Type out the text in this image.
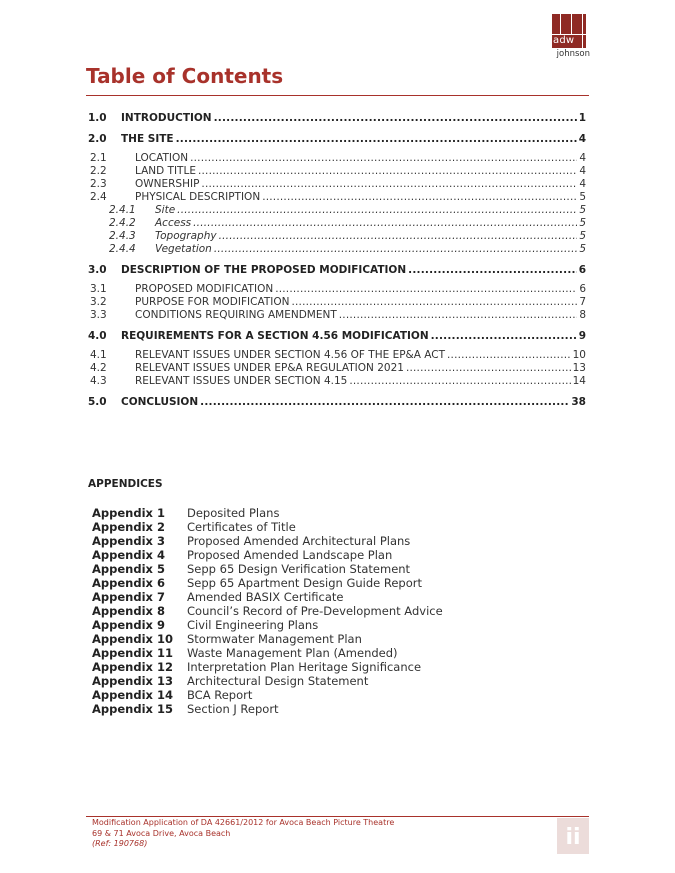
adw
johnson
Table of Contents
1.0	INTRODUCTION .....	1
2.0	THE SITE .....	4
2.1	LOCATION .....	4
2.2	LAND TITLE .....	4
2.3	OWNERSHIP .....	4
2.4	PHYSICAL DESCRIPTION .....	5
2.4.1	Site .....	5
2.4.2	Access .....	5
2.4.3	Topography .....	5
2.4.4	Vegetation .....	5
3.0	DESCRIPTION OF THE PROPOSED MODIFICATION .....	6
3.1	PROPOSED MODIFICATION .....	6
3.2	PURPOSE FOR MODIFICATION .....	7
3.3	CONDITIONS REQUIRING AMENDMENT .....	8
4.0	REQUIREMENTS FOR A SECTION 4.56 MODIFICATION .....	9
4.1	RELEVANT ISSUES UNDER SECTION 4.56 OF THE EP&A ACT .....	10
4.2	RELEVANT ISSUES UNDER EP&A REGULATION 2021 .....	13
4.3	RELEVANT ISSUES UNDER SECTION 4.15 .....	14
5.0	CONCLUSION .....	38
APPENDICES
Appendix 1	Deposited Plans
Appendix 2	Certificates of Title
Appendix 3	Proposed Amended Architectural Plans
Appendix 4	Proposed Amended Landscape Plan
Appendix 5	Sepp 65 Design Verification Statement
Appendix 6	Sepp 65 Apartment Design Guide Report
Appendix 7	Amended BASIX Certificate
Appendix 8	Council’s Record of Pre-Development Advice
Appendix 9	Civil Engineering Plans
Appendix 10	Stormwater Management Plan
Appendix 11	Waste Management Plan (Amended)
Appendix 12	Interpretation Plan Heritage Significance
Appendix 13	Architectural Design Statement
Appendix 14	BCA Report
Appendix 15	Section J Report
Modification Application of DA 42661/2012 for Avoca Beach Picture Theatre
69 & 71 Avoca Drive, Avoca Beach
(Ref: 190768)	ii
